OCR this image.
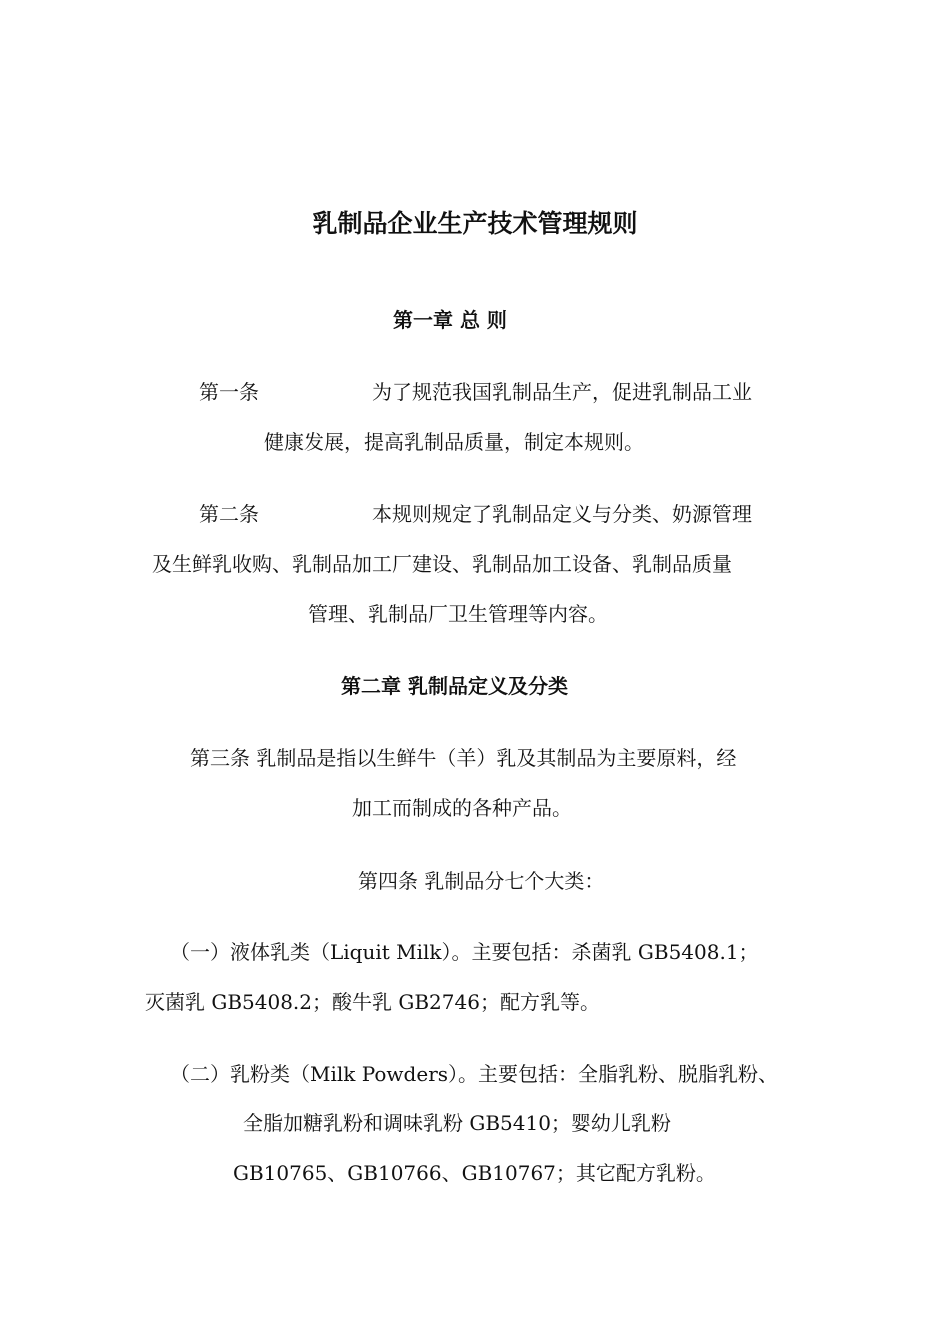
乳制品企业生产技术管理规则
第一章 总 则
第一条	为了规范我国乳制品生产，促进乳制品工业
健康发展，提高乳制品质量，制定本规则。
第二条	本规则规定了乳制品定义与分类、奶源管理
及生鲜乳收购、乳制品加工厂建设、乳制品加工设备、乳制品质量
管理、乳制品厂卫生管理等内容。
第二章 乳制品定义及分类
第三条 乳制品是指以生鲜牛（羊）乳及其制品为主要原料，经
加工而制成的各种产品。
第四条 乳制品分七个大类：
（一）液体乳类（Liquit Milk）。主要包括：杀菌乳 GB5408.1；
灭菌乳 GB5408.2；酸牛乳 GB2746；配方乳等。
（二）乳粉类（Milk Powders）。主要包括：全脂乳粉、脱脂乳粉、
全脂加糖乳粉和调味乳粉 GB5410；婴幼儿乳粉
GB10765、GB10766、GB10767；其它配方乳粉。
